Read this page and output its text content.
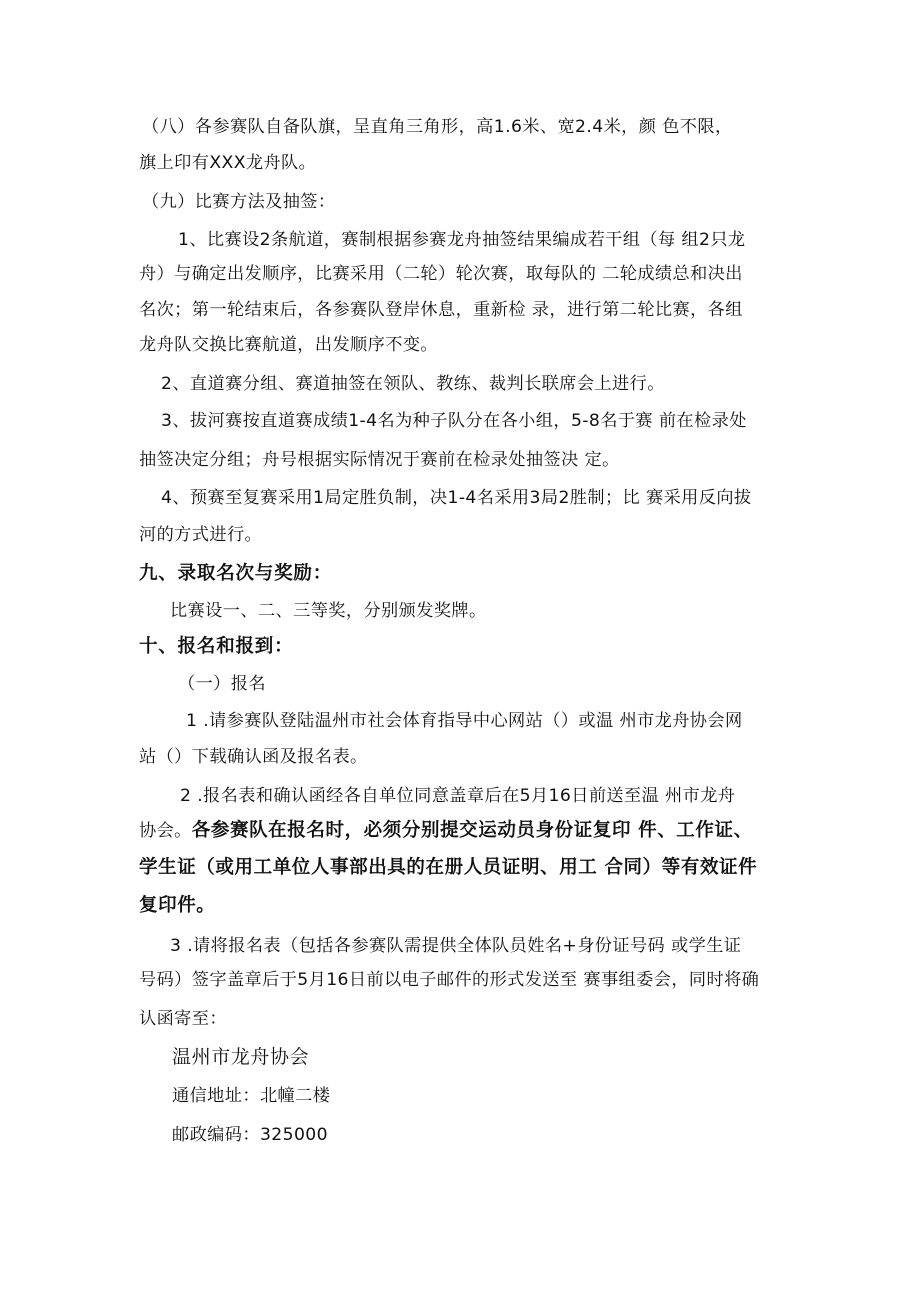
（八）各参赛队自备队旗，呈直角三角形，高1.6米、宽2.4米，颜 色不限，

旗上印有XXX龙舟队。

（九）比赛方法及抽签：

1、比赛设2条航道，赛制根据参赛龙舟抽签结果编成若干组（每 组2只龙

舟）与确定出发顺序，比赛采用（二轮）轮次赛，取每队的 二轮成绩总和决出

名次；第一轮结束后，各参赛队登岸休息，重新检 录，进行第二轮比赛，各组

龙舟队交换比赛航道，出发顺序不变。

2、直道赛分组、赛道抽签在领队、教练、裁判长联席会上进行。

3、拔河赛按直道赛成绩1-4名为种子队分在各小组，5-8名于赛 前在检录处

抽签决定分组；舟号根据实际情况于赛前在检录处抽签决 定。

4、预赛至复赛采用1局定胜负制，决1-4名采用3局2胜制；比 赛采用反向拔

河的方式进行。

九、录取名次与奖励：

比赛设一、二、三等奖，分别颁发奖牌。

十、报名和报到：

（一）报名

1 .请参赛队登陆温州市社会体育指导中心网站（）或温 州市龙舟协会网

站（）下载确认函及报名表。

2 .报名表和确认函经各自单位同意盖章后在5月16日前送至温 州市龙舟

协会。各参赛队在报名时，必须分别提交运动员身份证复印 件、工作证、

学生证（或用工单位人事部出具的在册人员证明、用工 合同）等有效证件

复印件。

3 .请将报名表（包括各参赛队需提供全体队员姓名+身份证号码 或学生证

号码）签字盖章后于5月16日前以电子邮件的形式发送至 赛事组委会，同时将确

认函寄至：

温州市龙舟协会

通信地址：北幢二楼

邮政编码：325000
